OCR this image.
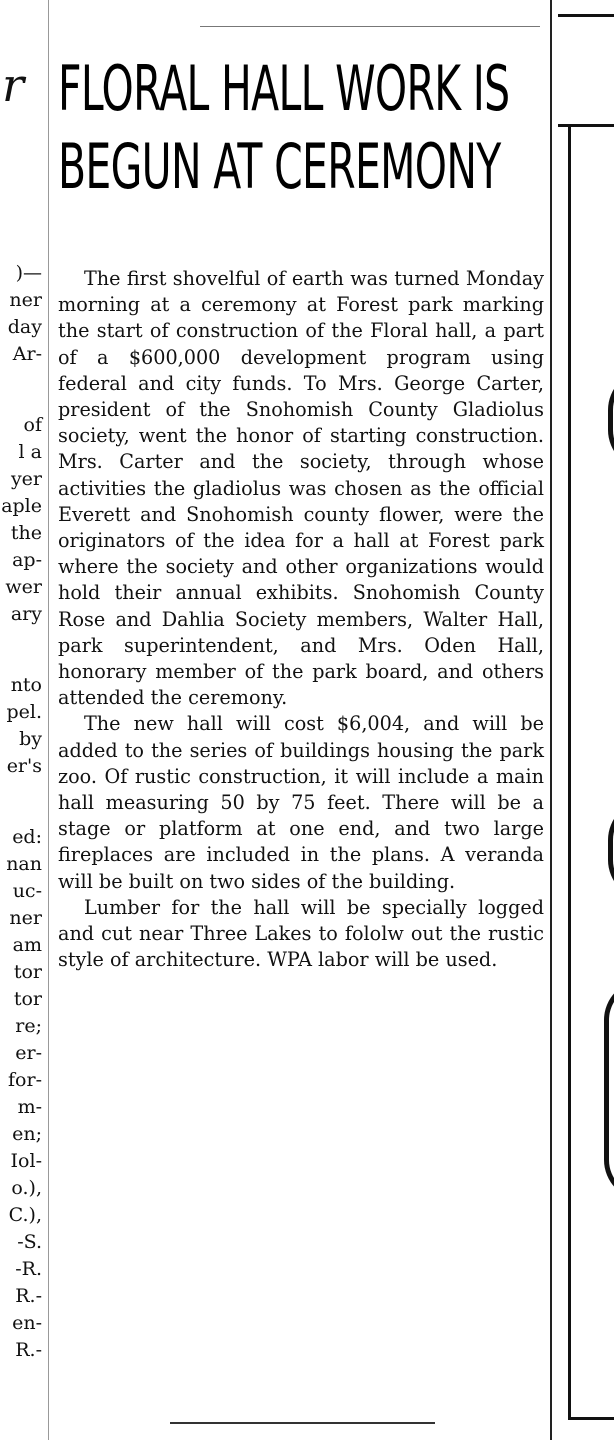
r
)—
ner
day
Ar-
of
l a
yer
aple
the
ap-
wer
ary
nto
pel.
by
er's
ed:
nan
uc-
ner
am
tor
tor
re;
er-
for-
m-
en;
Iol-
o.),
C.),
-S.
-R.
R.-
en-
R.-
FLORAL HALL WORK IS
BEGUN AT CEREMONY

The first shovelful of earth was turned Monday morning at a ceremony at Forest park marking the start of construction of the Floral hall, a part of a $600,000 development program using federal and city funds. To Mrs. George Carter, president of the Snohomish County Gladiolus society, went the honor of starting construction. Mrs. Carter and the society, through whose activities the gladiolus was chosen as the official Everett and Snohomish county flower, were the originators of the idea for a hall at Forest park where the society and other organizations would hold their annual exhibits. Snohomish County Rose and Dahlia Society members, Walter Hall, park superintendent, and Mrs. Oden Hall, honorary member of the park board, and others attended the ceremony.

The new hall will cost $6,004, and will be added to the series of buildings housing the park zoo. Of rustic construction, it will include a main hall measuring 50 by 75 feet. There will be a stage or platform at one end, and two large fireplaces are included in the plans. A veranda will be built on two sides of the building.

Lumber for the hall will be specially logged and cut near Three Lakes to fololw out the rustic style of architecture. WPA labor will be used.
